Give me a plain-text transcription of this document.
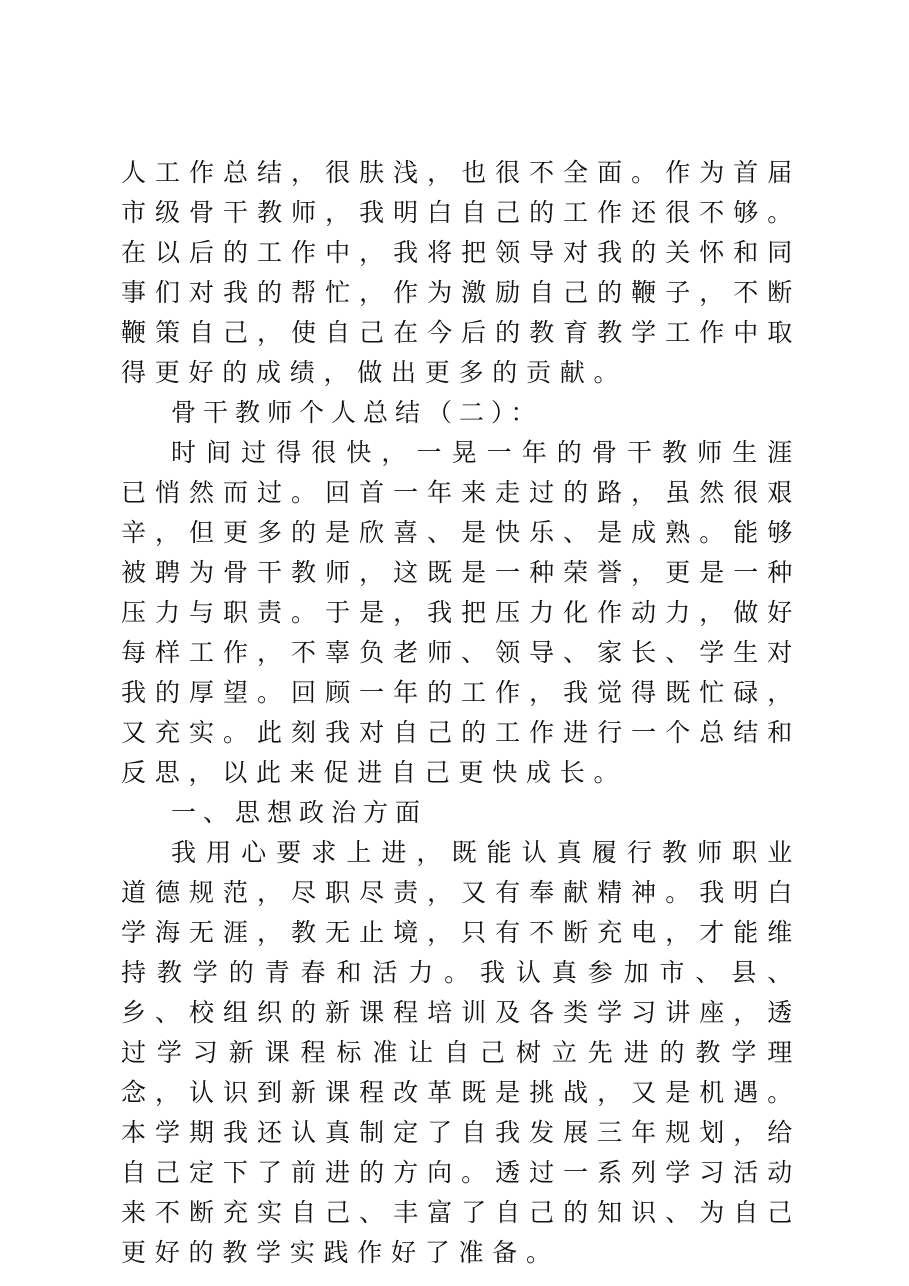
人工作总结，很肤浅，也很不全面。作为首届市级骨干教师，我明白自己的工作还很不够。在以后的工作中，我将把领导对我的关怀和同事们对我的帮忙，作为激励自己的鞭子，不断鞭策自己，使自己在今后的教育教学工作中取得更好的成绩，做出更多的贡献。

骨干教师个人总结（二）：

时间过得很快，一晃一年的骨干教师生涯已悄然而过。回首一年来走过的路，虽然很艰辛，但更多的是欣喜、是快乐、是成熟。能够被聘为骨干教师，这既是一种荣誉，更是一种压力与职责。于是，我把压力化作动力，做好每样工作，不辜负老师、领导、家长、学生对我的厚望。回顾一年的工作，我觉得既忙碌，又充实。此刻我对自己的工作进行一个总结和反思，以此来促进自己更快成长。

一、思想政治方面

我用心要求上进，既能认真履行教师职业道德规范，尽职尽责，又有奉献精神。我明白学海无涯，教无止境，只有不断充电，才能维持教学的青春和活力。我认真参加市、县、乡、校组织的新课程培训及各类学习讲座，透过学习新课程标准让自己树立先进的教学理念，认识到新课程改革既是挑战，又是机遇。本学期我还认真制定了自我发展三年规划，给自己定下了前进的方向。透过一系列学习活动来不断充实自己、丰富了自己的知识、为自己更好的教学实践作好了准备。
